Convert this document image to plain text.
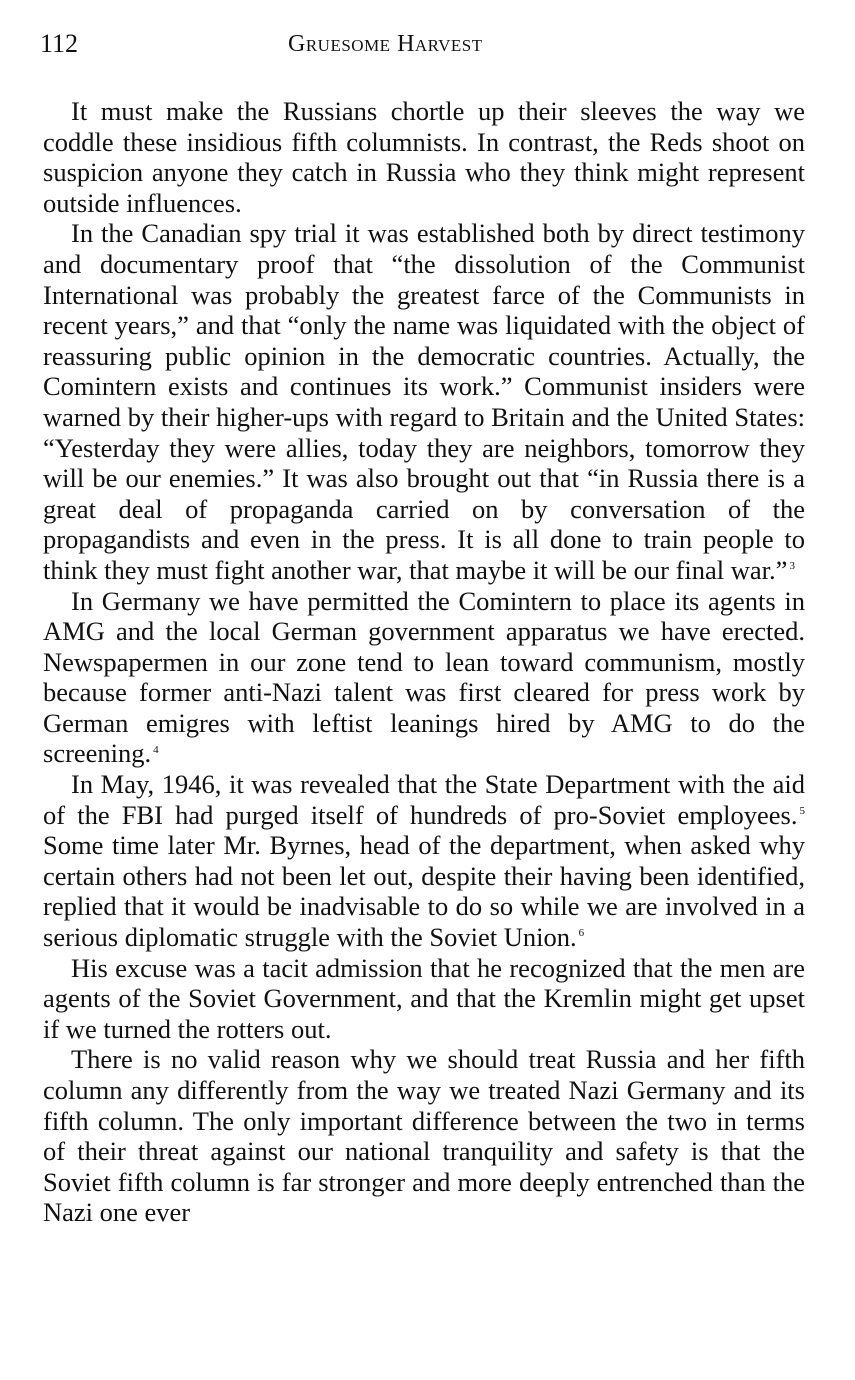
112	Gruesome Harvest

It must make the Russians chortle up their sleeves the way we coddle these insidious fifth columnists. In contrast, the Reds shoot on suspicion anyone they catch in Russia who they think might represent outside influences.

In the Canadian spy trial it was established both by direct testimony and documentary proof that “the dissolution of the Communist International was probably the greatest farce of the Communists in recent years,” and that “only the name was liquidated with the object of reassuring public opinion in the democratic countries. Actually, the Comintern exists and continues its work.” Communist insiders were warned by their higher-ups with regard to Britain and the United States: “Yesterday they were allies, today they are neighbors, tomorrow they will be our enemies.” It was also brought out that “in Russia there is a great deal of propaganda carried on by conversation of the propagandists and even in the press. It is all done to train people to think they must fight another war, that maybe it will be our final war.” $^3$

In Germany we have permitted the Comintern to place its agents in AMG and the local German government apparatus we have erected. Newspapermen in our zone tend to lean toward communism, mostly because former anti-Nazi talent was first cleared for press work by German emigres with leftist leanings hired by AMG to do the screening. $^4$

In May, 1946, it was revealed that the State Department with the aid of the FBI had purged itself of hundreds of pro-Soviet employees. $^5$ Some time later Mr. Byrnes, head of the department, when asked why certain others had not been let out, despite their having been identified, replied that it would be inadvisable to do so while we are involved in a serious diplomatic struggle with the Soviet Union. $^6$

His excuse was a tacit admission that he recognized that the men are agents of the Soviet Government, and that the Kremlin might get upset if we turned the rotters out.

There is no valid reason why we should treat Russia and her fifth column any differently from the way we treated Nazi Germany and its fifth column. The only important difference between the two in terms of their threat against our national tranquility and safety is that the Soviet fifth column is far stronger and more deeply entrenched than the Nazi one ever
